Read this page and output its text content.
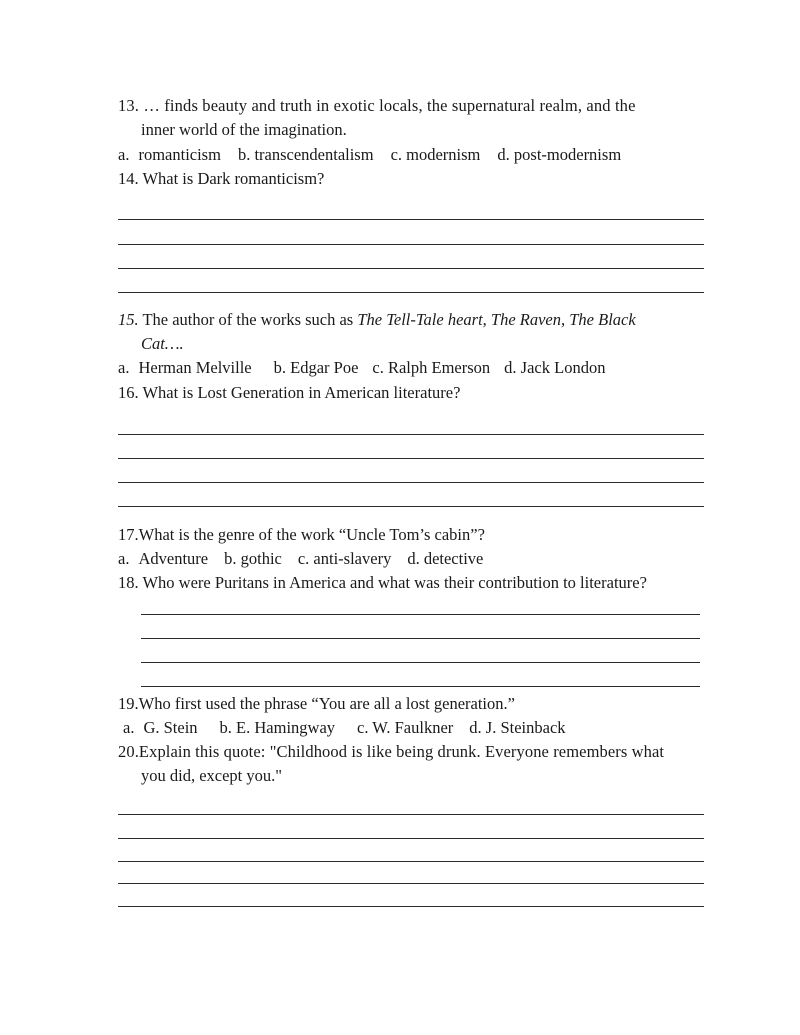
13. … finds beauty and truth in exotic locals, the supernatural realm, and the
inner world of the imagination.
a. romanticism b. transcendentalism c. modernism d. post-modernism
14. What is Dark romanticism?
15. The author of the works such as The Tell-Tale heart, The Raven, The Black
Cat….
a. Herman Melville b. Edgar Poe c. Ralph Emerson d. Jack London
16. What is Lost Generation in American literature?
17.What is the genre of the work “Uncle Tom’s cabin”?
a. Adventure b. gothic c. anti-slavery d. detective
18. Who were Puritans in America and what was their contribution to literature?
19.Who first used the phrase “You are all a lost generation.”
a. G. Stein b. E. Hamingway c. W. Faulkner d. J. Steinback
20.Explain this quote: "Childhood is like being drunk. Everyone remembers what
you did, except you."
